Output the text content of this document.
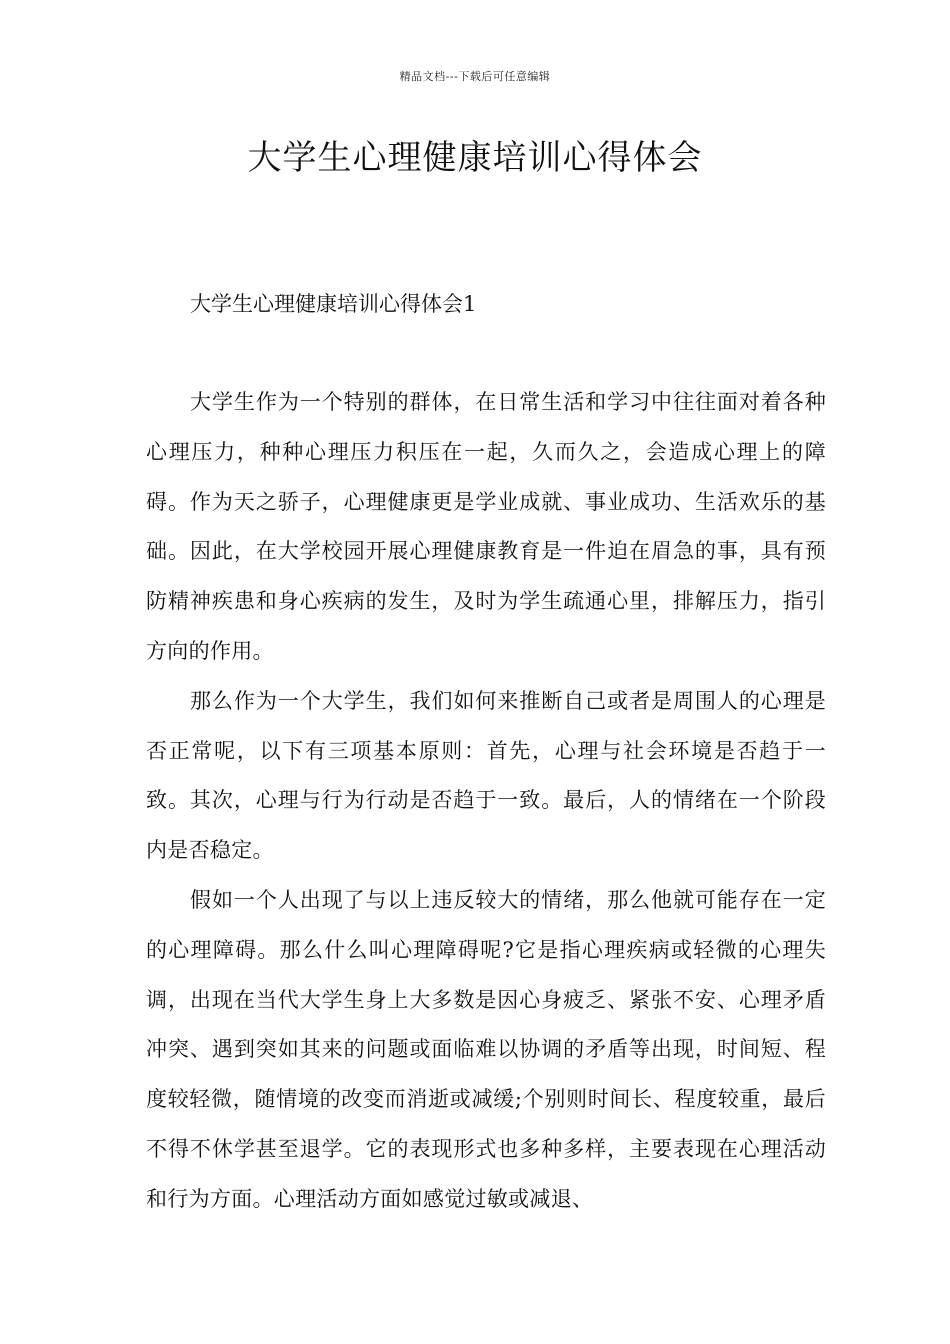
精品文档---下载后可任意编辑
大学生心理健康培训心得体会
大学生心理健康培训心得体会1

大学生作为一个特别的群体，在日常生活和学习中往往面对着各种心理压力，种种心理压力积压在一起，久而久之，会造成心理上的障碍。作为天之骄子，心理健康更是学业成就、事业成功、生活欢乐的基础。因此，在大学校园开展心理健康教育是一件迫在眉急的事，具有预防精神疾患和身心疾病的发生，及时为学生疏通心里，排解压力，指引方向的作用。

那么作为一个大学生，我们如何来推断自己或者是周围人的心理是否正常呢，以下有三项基本原则：首先，心理与社会环境是否趋于一致。其次，心理与行为行动是否趋于一致。最后，人的情绪在一个阶段内是否稳定。

假如一个人出现了与以上违反较大的情绪，那么他就可能存在一定的心理障碍。那么什么叫心理障碍呢?它是指心理疾病或轻微的心理失调，出现在当代大学生身上大多数是因心身疲乏、紧张不安、心理矛盾冲突、遇到突如其来的问题或面临难以协调的矛盾等出现，时间短、程度较轻微，随情境的改变而消逝或减缓;个别则时间长、程度较重，最后不得不休学甚至退学。它的表现形式也多种多样，主要表现在心理活动和行为方面。心理活动方面如感觉过敏或减退、
